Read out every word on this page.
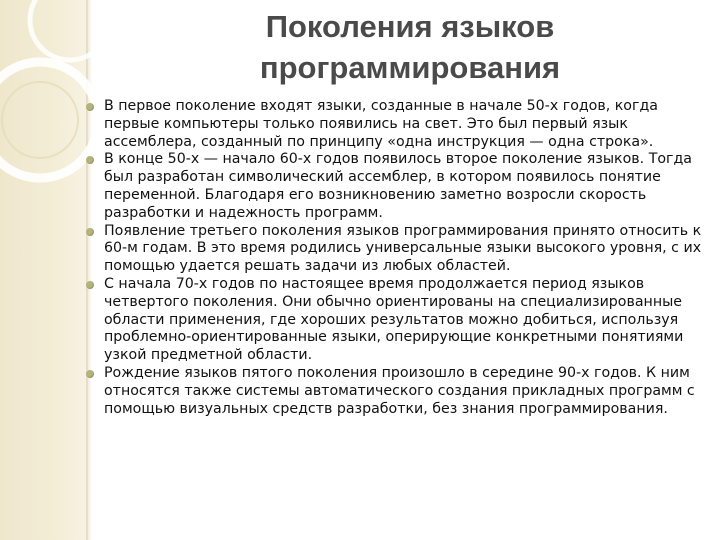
Поколения языков
программирования
В первое поколение входят языки, созданные в начале 50-х годов, когда первые компьютеры только появились на свет. Это был первый язык ассемблера, созданный по принципу «одна инструкция — одна строка».
В конце 50-х — начало 60-х годов появилось второе поколение языков. Тогда был разработан символический ассемблер, в котором появилось понятие переменной. Благодаря его возникновению заметно возросли скорость разработки и надежность программ.
Появление третьего поколения языков программирования принято относить к 60-м годам. В это время родились универсальные языки высокого уровня, с их помощью удается решать задачи из любых областей.
С начала 70-х годов по настоящее время продолжается период языков четвертого поколения. Они обычно ориентированы на специализированные области применения, где хороших результатов можно добиться, используя проблемно-ориентированные языки, оперирующие конкретными понятиями узкой предметной области.
Рождение языков пятого поколения произошло в середине 90-х годов. К ним относятся также системы автоматического создания прикладных программ с помощью визуальных средств разработки, без знания программирования.
